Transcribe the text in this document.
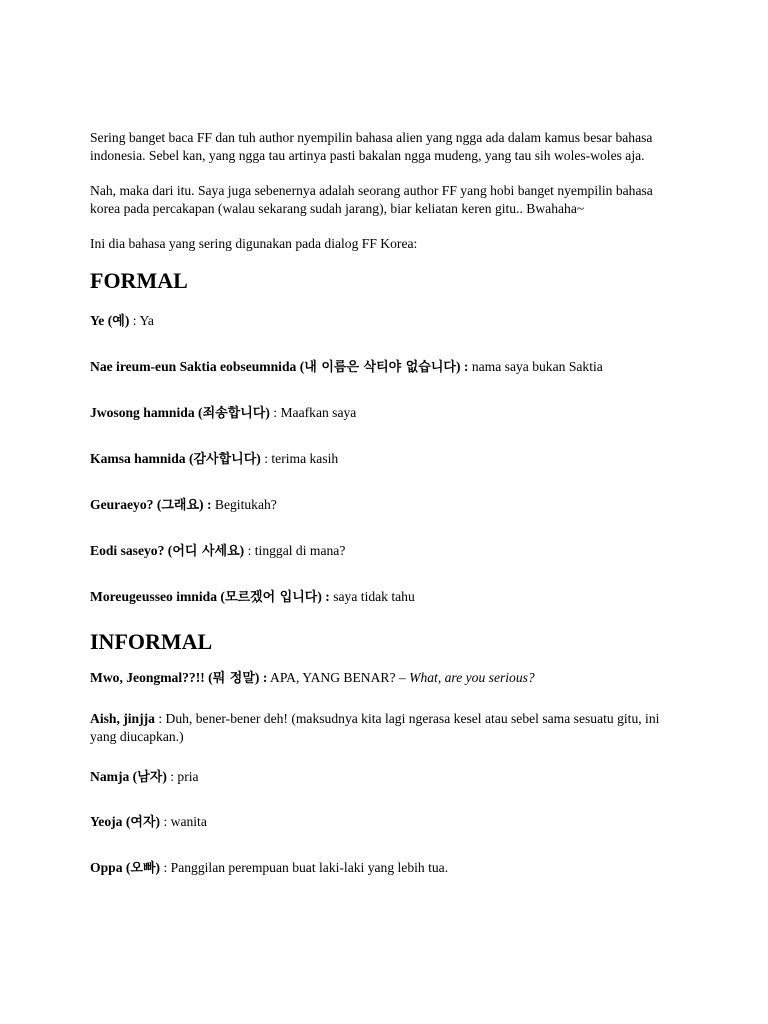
Sering banget baca FF dan tuh author nyempilin bahasa alien yang ngga ada dalam kamus besar bahasa indonesia. Sebel kan, yang ngga tau artinya pasti bakalan ngga mudeng, yang tau sih woles-woles aja.

Nah, maka dari itu. Saya juga sebenernya adalah seorang author FF yang hobi banget nyempilin bahasa korea pada percakapan (walau sekarang sudah jarang), biar keliatan keren gitu.. Bwahaha~

Ini dia bahasa yang sering digunakan pada dialog FF Korea:

FORMAL

Ye (예) : Ya

Nae ireum-eun Saktia eobseumnida (내 이름은 삭티야 없습니다) : nama saya bukan Saktia

Jwosong hamnida (죄송합니다) : Maafkan saya

Kamsa hamnida (감사합니다) : terima kasih

Geuraeyo? (그래요) : Begitukah?

Eodi saseyo? (어디 사세요) : tinggal di mana?

Moreugeusseo imnida (모르겠어 입니다) : saya tidak tahu

INFORMAL

Mwo, Jeongmal??!! (뭐 정말) : APA, YANG BENAR? – What, are you serious?

Aish, jinjja : Duh, bener-bener deh! (maksudnya kita lagi ngerasa kesel atau sebel sama sesuatu gitu, ini yang diucapkan.)

Namja (남자) : pria

Yeoja (여자) : wanita

Oppa (오빠) : Panggilan perempuan buat laki-laki yang lebih tua.
